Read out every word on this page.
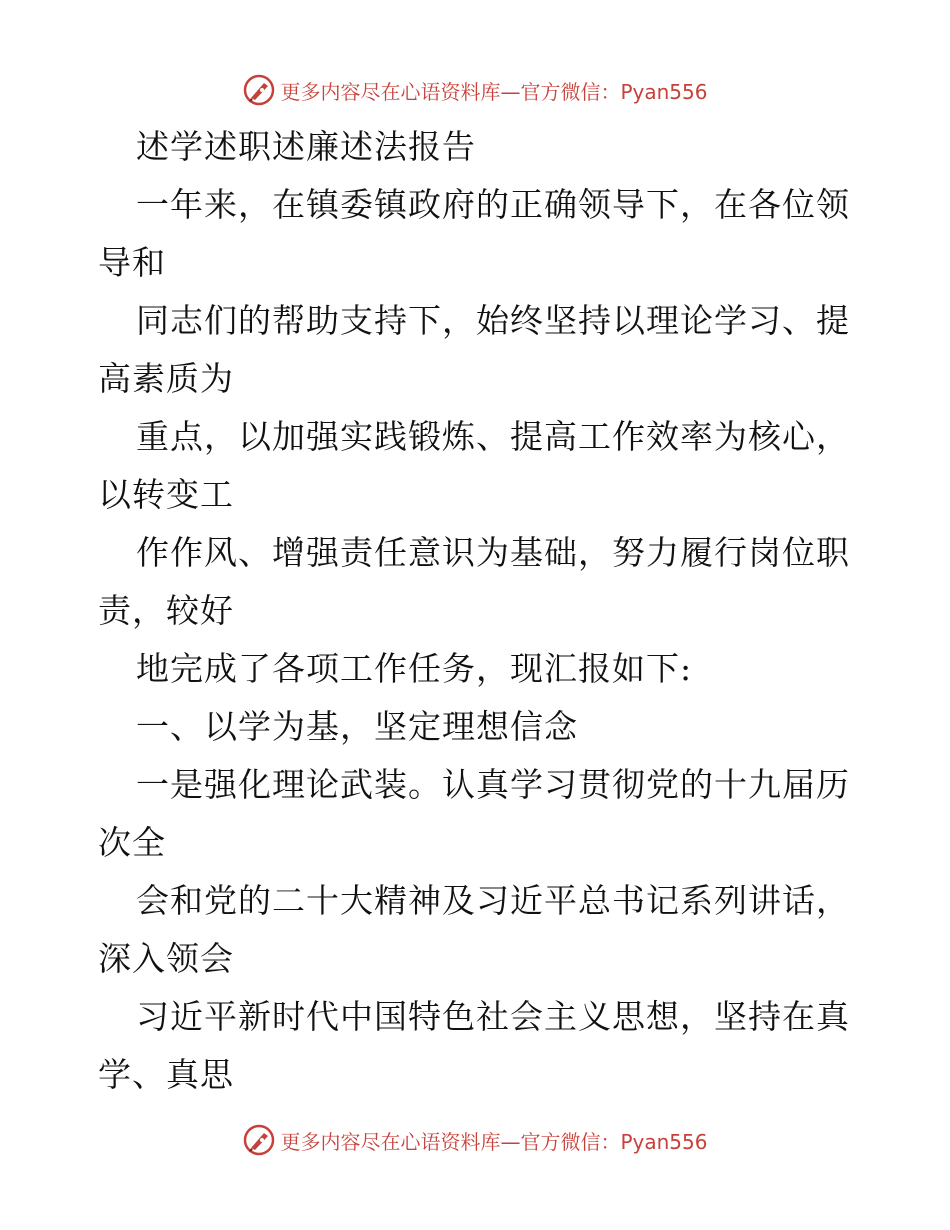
更多内容尽在心语资料库—官方微信：Pyan556
述学述职述廉述法报告
一年来，在镇委镇政府的正确领导下，在各位领
导和
同志们的帮助支持下，始终坚持以理论学习、提
高素质为
重点，以加强实践锻炼、提高工作效率为核心，
以转变工
作作风、增强责任意识为基础，努力履行岗位职
责，较好
地完成了各项工作任务，现汇报如下:
一、以学为基，坚定理想信念
一是强化理论武装。认真学习贯彻党的十九届历
次全
会和党的二十大精神及习近平总书记系列讲话，
深入领会
习近平新时代中国特色社会主义思想，坚持在真
学、真思
更多内容尽在心语资料库—官方微信：Pyan556
